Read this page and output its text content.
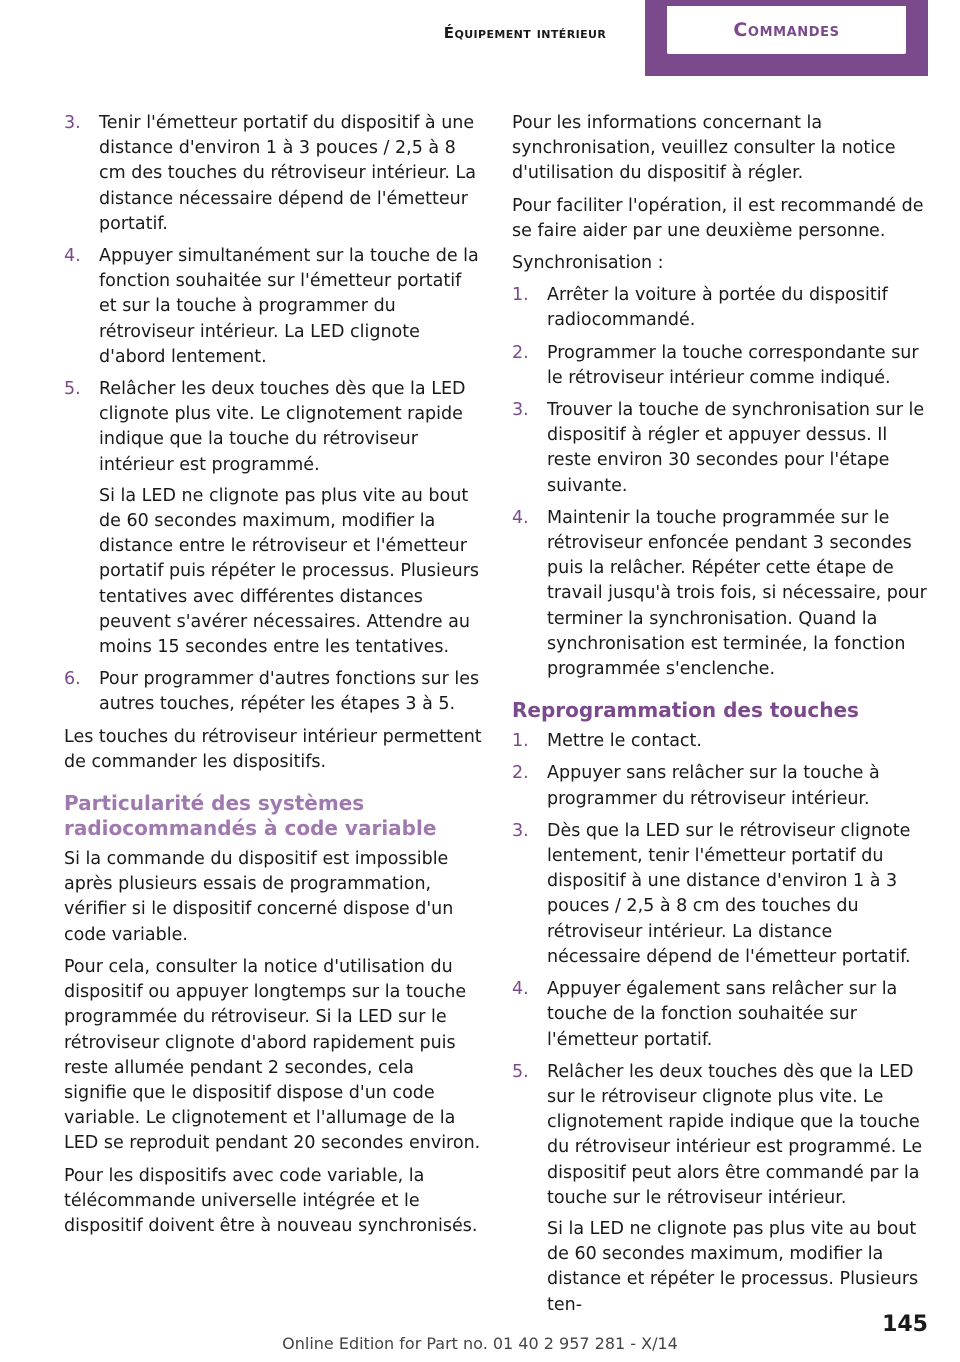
Équipement intérieur	Commandes
3. Tenir l'émetteur portatif du dispositif à une distance d'environ 1 à 3 pouces / 2,5 à 8 cm des touches du rétroviseur intérieur. La distance nécessaire dépend de l'émetteur portatif.

4. Appuyer simultanément sur la touche de la fonction souhaitée sur l'émetteur portatif et sur la touche à programmer du rétroviseur intérieur. La LED clignote d'abord lentement.

5. Relâcher les deux touches dès que la LED clignote plus vite. Le clignotement rapide indique que la touche du rétroviseur intérieur est programmé.

Si la LED ne clignote pas plus vite au bout de 60 secondes maximum, modifier la distance entre le rétroviseur et l'émetteur portatif puis répéter le processus. Plusieurs tentatives avec différentes distances peuvent s'avérer nécessaires. Attendre au moins 15 secondes entre les tentatives.

6. Pour programmer d'autres fonctions sur les autres touches, répéter les étapes 3 à 5.

Les touches du rétroviseur intérieur permettent de commander les dispositifs.

Particularité des systèmes radiocommandés à code variable

Si la commande du dispositif est impossible après plusieurs essais de programmation, vérifier si le dispositif concerné dispose d'un code variable.

Pour cela, consulter la notice d'utilisation du dispositif ou appuyer longtemps sur la touche programmée du rétroviseur. Si la LED sur le rétroviseur clignote d'abord rapidement puis reste allumée pendant 2 secondes, cela signifie que le dispositif dispose d'un code variable. Le clignotement et l'allumage de la LED se reproduit pendant 20 secondes environ.

Pour les dispositifs avec code variable, la télécommande universelle intégrée et le dispositif doivent être à nouveau synchronisés.

Pour les informations concernant la synchronisation, veuillez consulter la notice d'utilisation du dispositif à régler.

Pour faciliter l'opération, il est recommandé de se faire aider par une deuxième personne.

Synchronisation :

1. Arrêter la voiture à portée du dispositif radiocommandé.

2. Programmer la touche correspondante sur le rétroviseur intérieur comme indiqué.

3. Trouver la touche de synchronisation sur le dispositif à régler et appuyer dessus. Il reste environ 30 secondes pour l'étape suivante.

4. Maintenir la touche programmée sur le rétroviseur enfoncée pendant 3 secondes puis la relâcher. Répéter cette étape de travail jusqu'à trois fois, si nécessaire, pour terminer la synchronisation. Quand la synchronisation est terminée, la fonction programmée s'enclenche.

Reprogrammation des touches
1. Mettre le contact.

2. Appuyer sans relâcher sur la touche à programmer du rétroviseur intérieur.

3. Dès que la LED sur le rétroviseur clignote lentement, tenir l'émetteur portatif du dispositif à une distance d'environ 1 à 3 pouces / 2,5 à 8 cm des touches du rétroviseur intérieur. La distance nécessaire dépend de l'émetteur portatif.

4. Appuyer également sans relâcher sur la touche de la fonction souhaitée sur l'émetteur portatif.

5. Relâcher les deux touches dès que la LED sur le rétroviseur clignote plus vite. Le clignotement rapide indique que la touche du rétroviseur intérieur est programmé. Le dispositif peut alors être commandé par la touche sur le rétroviseur intérieur.

Si la LED ne clignote pas plus vite au bout de 60 secondes maximum, modifier la distance et répéter le processus. Plusieurs ten-

145
Online Edition for Part no. 01 40 2 957 281 - X/14
